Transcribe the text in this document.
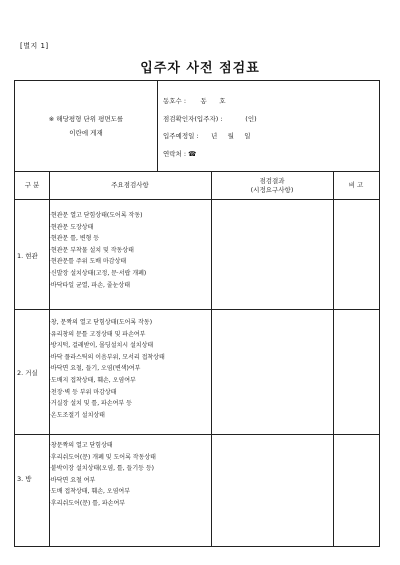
[별지 1]
입주자 사전 점검표
※ 해당평형 단위 평면도를
이란에 게재
동호수 :       동      호
점검확인자(입주자) :           (인)
입주예정일 :      년     월     일
연락처 : ☎
구 분	주요점검사항
점검결과
(시정요구사항)
비 고
1. 현관
·현관문 열고 닫힘상태(도어록 작동)
·현관문 도장상태
·현관문 틀, 변형 등
·현관문 부착물 설치 및 작동상태
·현관문틀 주위 도배 마감상태
·신발장 설치상태(고정, 문·서랍 개폐)
·바닥타일 균열, 파손, 줄눈상태
2. 거실
·창, 문짝의 열고 닫힘상태(도어록 작동)
·유리창의 문틀 고정상태 및 파손여부
·방지턱, 걸레받이, 몰딩설치시 설치상태
·바닥 플라스틱의 이음부위, 모서리 접착상태
·바닥면 요철, 들기, 오염(변색)여부
·도배지 접착상태, 훼손, 오염여부
·천장·벽 등 부위 마감상태
·거실장 설치 및 틀, 파손여부 등
·온도조절기 설치상태
3. 방
·창문짝의 열고 닫힘상태
·후리쉬도어(문) 개폐 및 도어록 작동상태
·붙박이장 설치상태(오염, 틀, 들기등 등)
·바닥면 요철 여부
·도배 접착상태, 훼손, 오염여부
·후리쉬도어(문) 틀, 파손여부
